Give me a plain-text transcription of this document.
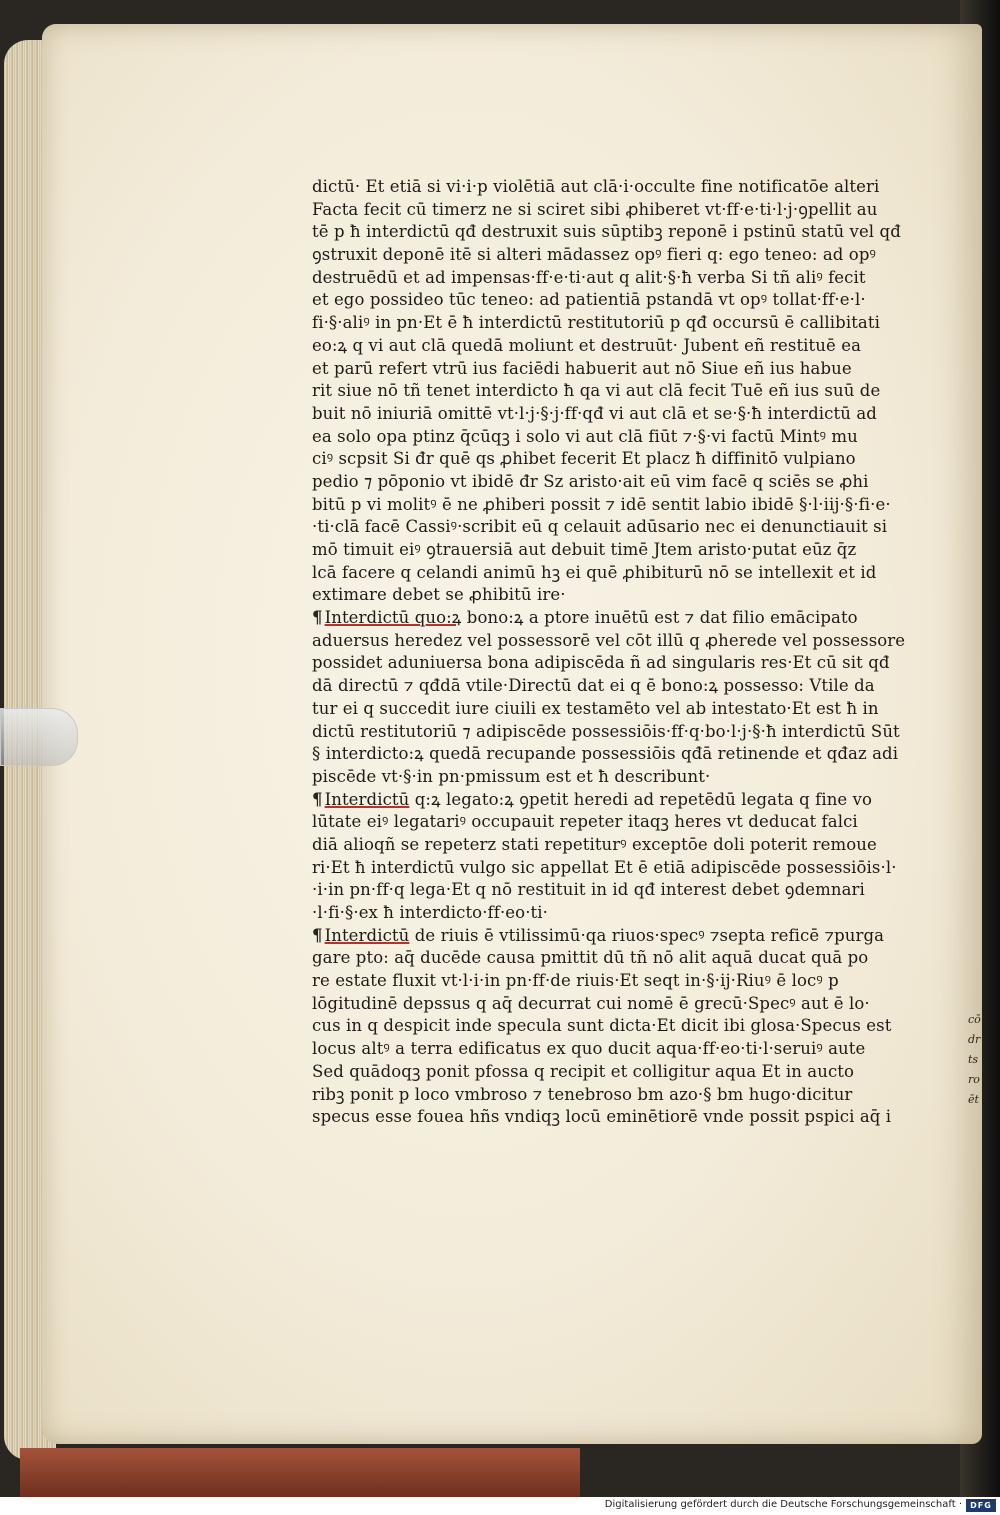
dictū· Et etiā si vi·i·p violētiā aut clā·i·occulte fine notificatōe alteri
Facta fecit cū timerz ne si sciret sibi ꝓhiberet vt·ff·e·ti·l·j·ꝯpellit au
tē p ħ interdictū qđ destruxit suis sūptibꝫ reponē i pstinū statū vel qđ
ꝯstruxit deponē itē si alteri mādassez opꝰ fieri q: ego teneo: ad opꝰ
destruēdū et ad impensas·ff·e·ti·aut q alit·§·ħ verba Si tñ aliꝰ fecit
et ego possideo tūc teneo: ad patientiā pstandā vt opꝰ tollat·ff·e·l·
fi·§·aliꝰ in pn·Et ē ħ interdictū restitutoriū p qđ occursū ē callibitati
eo:ꝝ q vi aut clā quedā moliunt et destruūt· Jubent eñ restituē ea
et parū refert vtrū ius faciēdi habuerit aut nō Siue eñ ius habue
rit siue nō tñ tenet interdicto ħ qa vi aut clā fecit Tuē eñ ius suū de
buit nō iniuriā omittē vt·l·j·§·j·ff·qđ vi aut clā et se·§·ħ interdictū ad
ea solo opa ptinz q̄cūqꝫ i solo vi aut clā fiūt ⁊·§·vi factū Mintꝰ mu
ciꝰ scpsit Si đr quē qs ꝓhibet fecerit Et placz ħ diffinitō vulpiano
pedio ⁊ pōponio vt ibidē đr Sz aristo·ait eū vim facē q sciēs se ꝓhi
bitū p vi molitꝰ ē ne ꝓhiberi possit ⁊ idē sentit labio ibidē §·l·iij·§·fi·e·
·ti·clā facē Cassiꝰ·scribit eū q celauit adūsario nec ei denunctiauit si
mō timuit eiꝰ ꝯtrauersiā aut debuit timē Jtem aristo·putat eūz q̄z
lcā facere q celandi animū hꝫ ei quē ꝓhibiturū nō se intellexit et id
extimare debet se ꝓhibitū ire·
¶ Interdictū quo:ꝝ bono:ꝝ a ptore inuētū est ⁊ dat filio emācipato
aduersus heredez vel possessorē vel cōt illū q ꝓherede vel possessore
possidet aduniuersa bona adipiscēda ñ ad singularis res·Et cū sit qđ
dā directū ⁊ qđdā vtile·Directū dat ei q ē bono:ꝝ possesso: Vtile da
tur ei q succedit iure ciuili ex testamēto vel ab intestato·Et est ħ in
dictū restitutoriū ⁊ adipiscēde possessiōis·ff·q·bo·l·j·§·ħ interdictū Sūt
§ interdicto:ꝝ quedā recupande possessiōis qđā retinende et qđaz adi
piscēde vt·§·in pn·pmissum est et ħ describunt·
¶ Interdictū q:ꝝ legato:ꝝ ꝯpetit heredi ad repetēdū legata q fine vo
lūtate eiꝰ legatariꝰ occupauit repeter itaqꝫ heres vt deducat falci
diā alioqñ se repeterz stati repetiturꝰ exceptōe doli poterit remoue
ri·Et ħ interdictū vulgo sic appellat Et ē etiā adipiscēde possessiōis·l·
·i·in pn·ff·q lega·Et q nō restituit in id qđ interest debet ꝯdemnari
·l·fi·§·ex ħ interdicto·ff·eo·ti·
¶ Interdictū de riuis ē vtilissimū·qa riuos·specꝰ ⁊septa reficē ⁊purga
gare pto: aq̄ ducēde causa pmittit dū tñ nō alit aquā ducat quā po
re estate fluxit vt·l·i·in pn·ff·de riuis·Et seqt in·§·ij·Riuꝰ ē locꝰ p
lōgitudinē depssus q aq̄ decurrat cui nomē ē grecū·Specꝰ aut ē lo·
cus in q despicit inde specula sunt dicta·Et dicit ibi glosa·Specus est
locus altꝰ a terra edificatus ex quo ducit aqua·ff·eo·ti·l·seruiꝰ aute
Sed quādoqꝫ ponit pfossa q recipit et colligitur aqua Et in aucto
ribꝫ ponit p loco vmbroso ⁊ tenebroso bm azo·§ bm hugo·dicitur
specus esse fouea hñs vndiqꝫ locū eminētiorē vnde possit pspici aq̄ i
cō
dr
ts
ro
ēt
Digitalisierung gefördert durch die Deutsche Forschungsgemeinschaft ·	DFG
